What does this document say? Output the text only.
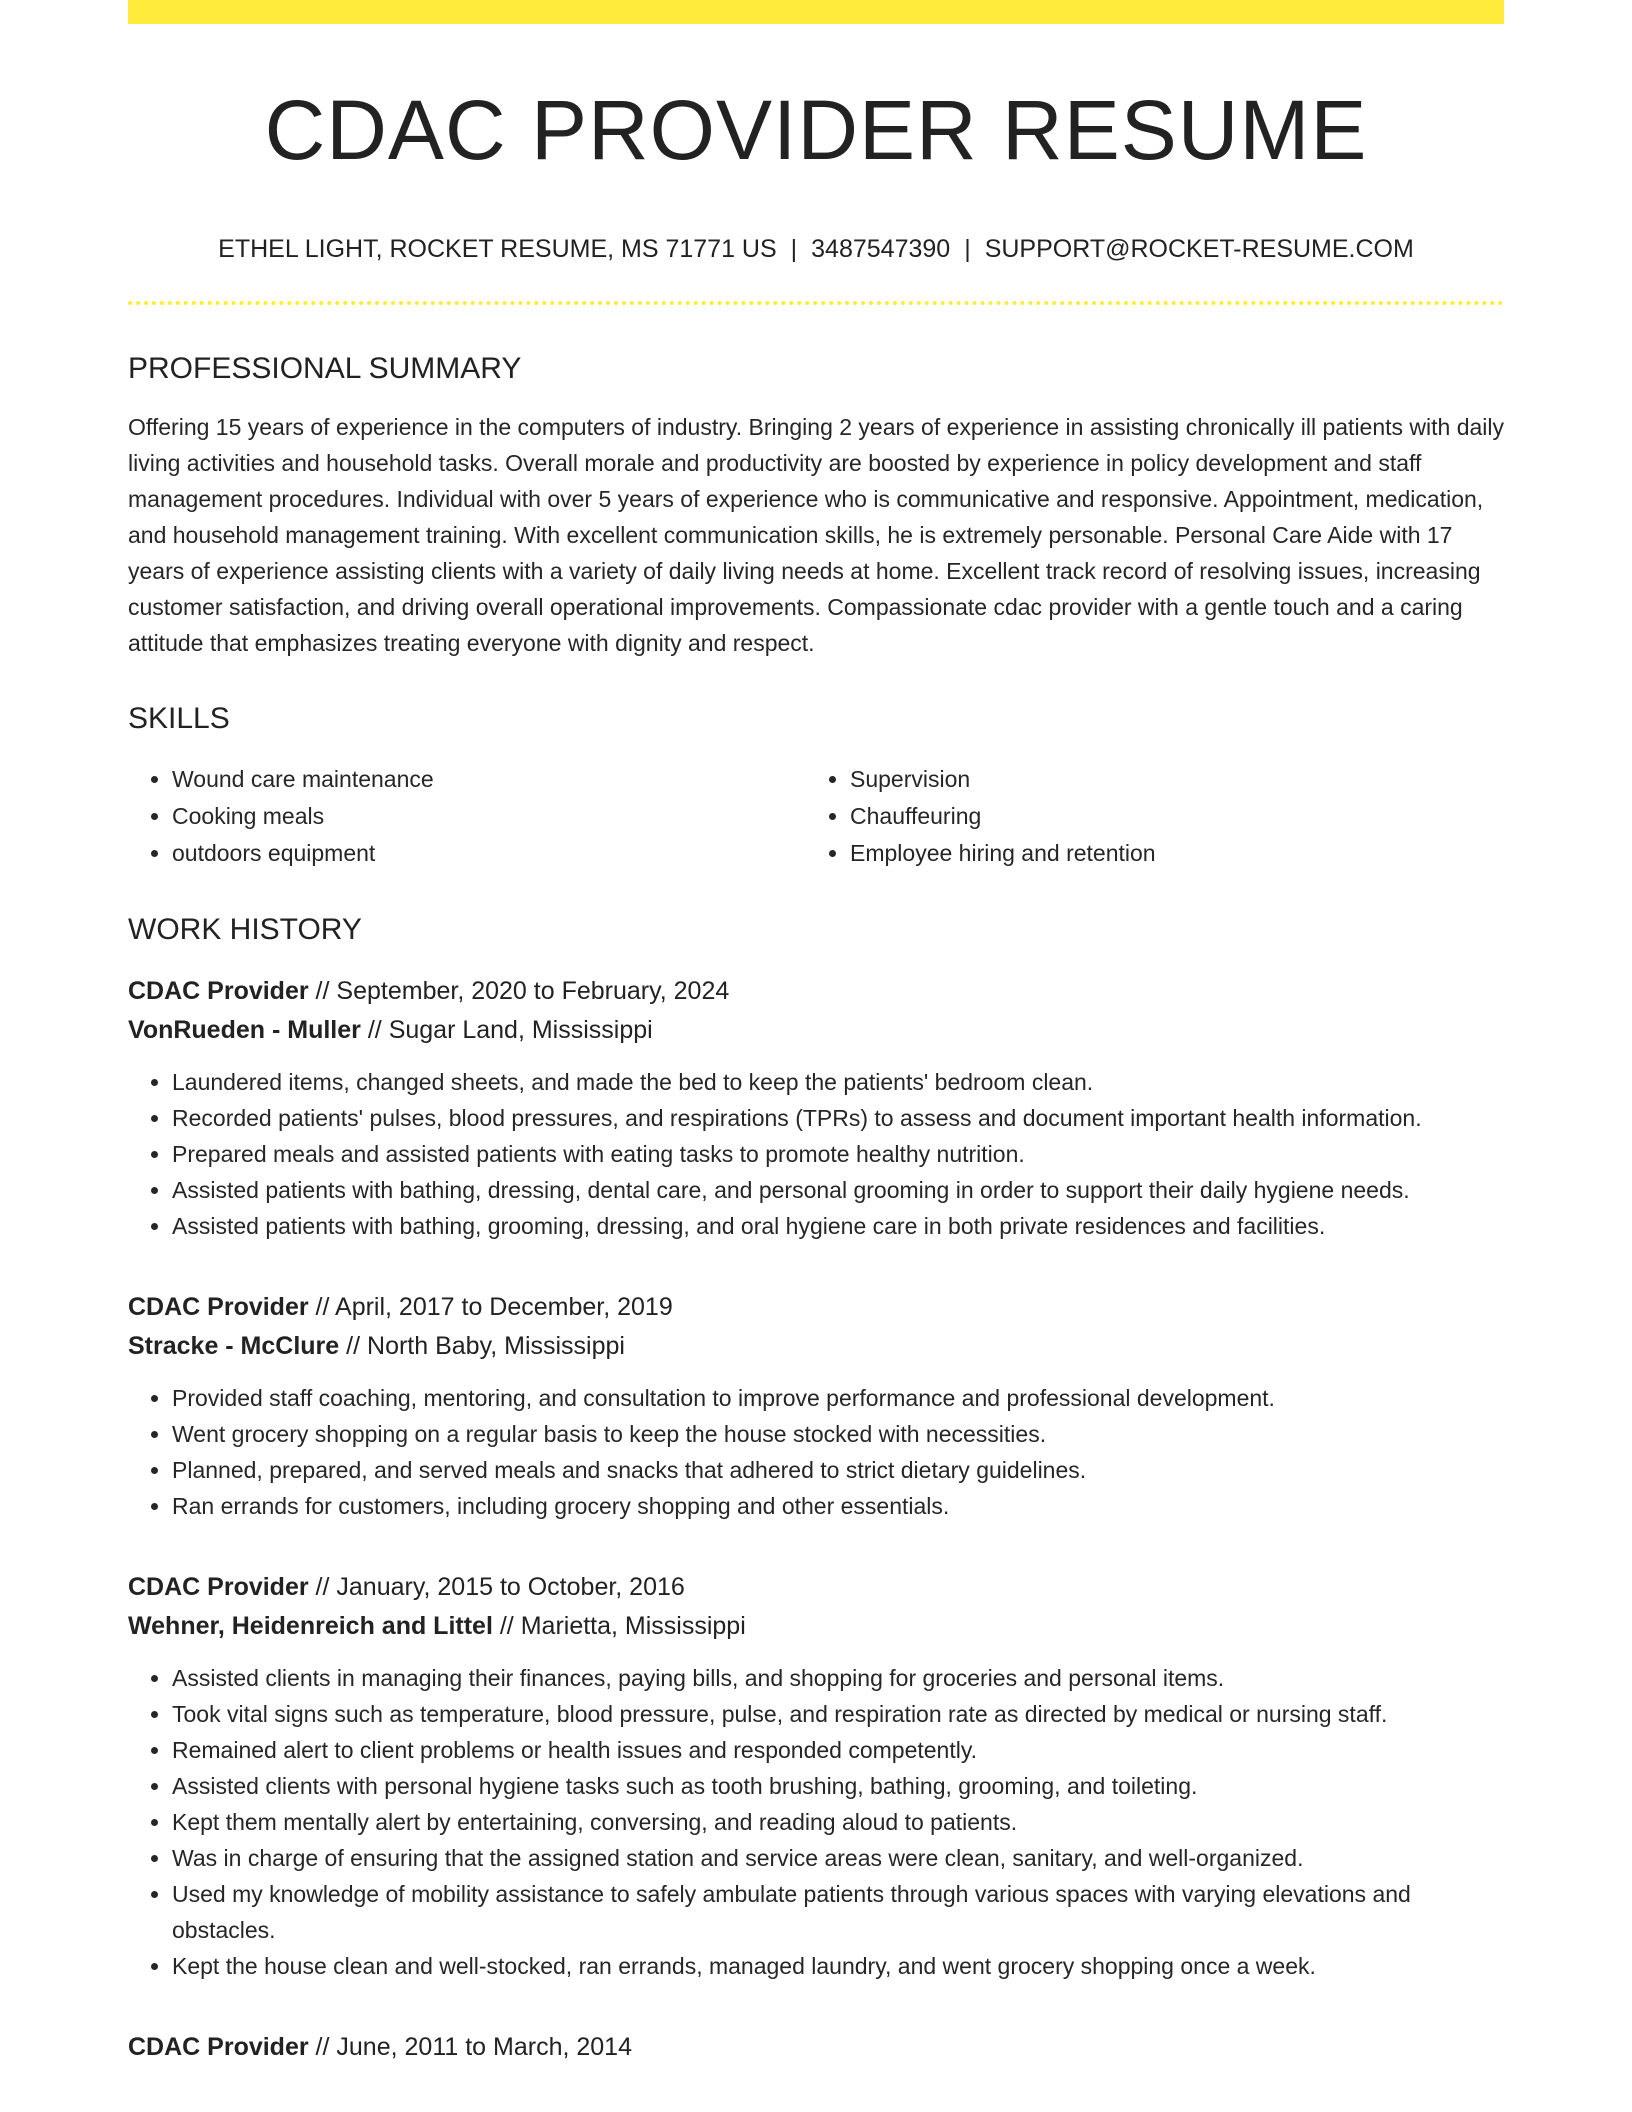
CDAC PROVIDER RESUME
ETHEL LIGHT, ROCKET RESUME, MS 71771 US | 3487547390 | SUPPORT@ROCKET-RESUME.COM
PROFESSIONAL SUMMARY

Offering 15 years of experience in the computers of industry. Bringing 2 years of experience in assisting chronically ill patients with daily living activities and household tasks. Overall morale and productivity are boosted by experience in policy development and staff management procedures. Individual with over 5 years of experience who is communicative and responsive. Appointment, medication, and household management training. With excellent communication skills, he is extremely personable. Personal Care Aide with 17 years of experience assisting clients with a variety of daily living needs at home. Excellent track record of resolving issues, increasing customer satisfaction, and driving overall operational improvements. Compassionate cdac provider with a gentle touch and a caring attitude that emphasizes treating everyone with dignity and respect.

SKILLS
• Wound care maintenance
• Cooking meals
• outdoors equipment
• Supervision
• Chauffeuring
• Employee hiring and retention
WORK HISTORY
CDAC Provider // September, 2020 to February, 2024
VonRueden - Muller // Sugar Land, Mississippi
• Laundered items, changed sheets, and made the bed to keep the patients' bedroom clean.
• Recorded patients' pulses, blood pressures, and respirations (TPRs) to assess and document important health information.
• Prepared meals and assisted patients with eating tasks to promote healthy nutrition.
• Assisted patients with bathing, dressing, dental care, and personal grooming in order to support their daily hygiene needs.
• Assisted patients with bathing, grooming, dressing, and oral hygiene care in both private residences and facilities.
CDAC Provider // April, 2017 to December, 2019
Stracke - McClure // North Baby, Mississippi
• Provided staff coaching, mentoring, and consultation to improve performance and professional development.
• Went grocery shopping on a regular basis to keep the house stocked with necessities.
• Planned, prepared, and served meals and snacks that adhered to strict dietary guidelines.
• Ran errands for customers, including grocery shopping and other essentials.
CDAC Provider // January, 2015 to October, 2016
Wehner, Heidenreich and Littel // Marietta, Mississippi
• Assisted clients in managing their finances, paying bills, and shopping for groceries and personal items.
• Took vital signs such as temperature, blood pressure, pulse, and respiration rate as directed by medical or nursing staff.
• Remained alert to client problems or health issues and responded competently.
• Assisted clients with personal hygiene tasks such as tooth brushing, bathing, grooming, and toileting.
• Kept them mentally alert by entertaining, conversing, and reading aloud to patients.
• Was in charge of ensuring that the assigned station and service areas were clean, sanitary, and well-organized.
• Used my knowledge of mobility assistance to safely ambulate patients through various spaces with varying elevations and obstacles.
• Kept the house clean and well-stocked, ran errands, managed laundry, and went grocery shopping once a week.
CDAC Provider // June, 2011 to March, 2014
